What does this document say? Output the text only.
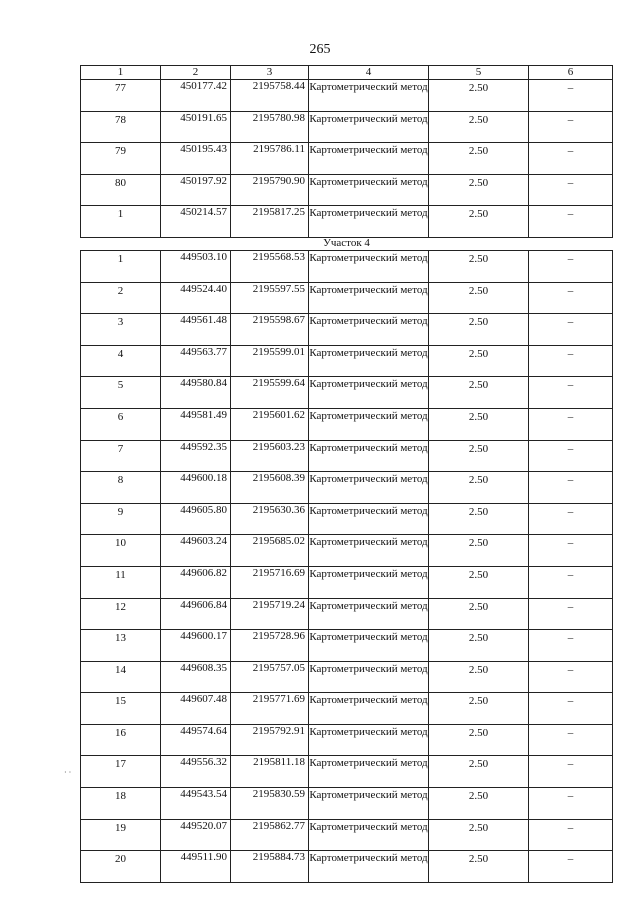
265
1	2	3	4	5	6
77	450177.42	2195758.44	Картометрический метод	2.50	–
78	450191.65	2195780.98	Картометрический метод	2.50	–
79	450195.43	2195786.11	Картометрический метод	2.50	–
80	450197.92	2195790.90	Картометрический метод	2.50	–
1	450214.57	2195817.25	Картометрический метод	2.50	–
Участок 4					
1	449503.10	2195568.53	Картометрический метод	2.50	–
2	449524.40	2195597.55	Картометрический метод	2.50	–
3	449561.48	2195598.67	Картометрический метод	2.50	–
4	449563.77	2195599.01	Картометрический метод	2.50	–
5	449580.84	2195599.64	Картометрический метод	2.50	–
6	449581.49	2195601.62	Картометрический метод	2.50	–
7	449592.35	2195603.23	Картометрический метод	2.50	–
8	449600.18	2195608.39	Картометрический метод	2.50	–
9	449605.80	2195630.36	Картометрический метод	2.50	–
10	449603.24	2195685.02	Картометрический метод	2.50	–
11	449606.82	2195716.69	Картометрический метод	2.50	–
12	449606.84	2195719.24	Картометрический метод	2.50	–
13	449600.17	2195728.96	Картометрический метод	2.50	–
14	449608.35	2195757.05	Картометрический метод	2.50	–
15	449607.48	2195771.69	Картометрический метод	2.50	–
16	449574.64	2195792.91	Картометрический метод	2.50	–
17	449556.32	2195811.18	Картометрический метод	2.50	–
18	449543.54	2195830.59	Картометрический метод	2.50	–
19	449520.07	2195862.77	Картометрический метод	2.50	–
20	449511.90	2195884.73	Картометрический метод	2.50	–
· ·
